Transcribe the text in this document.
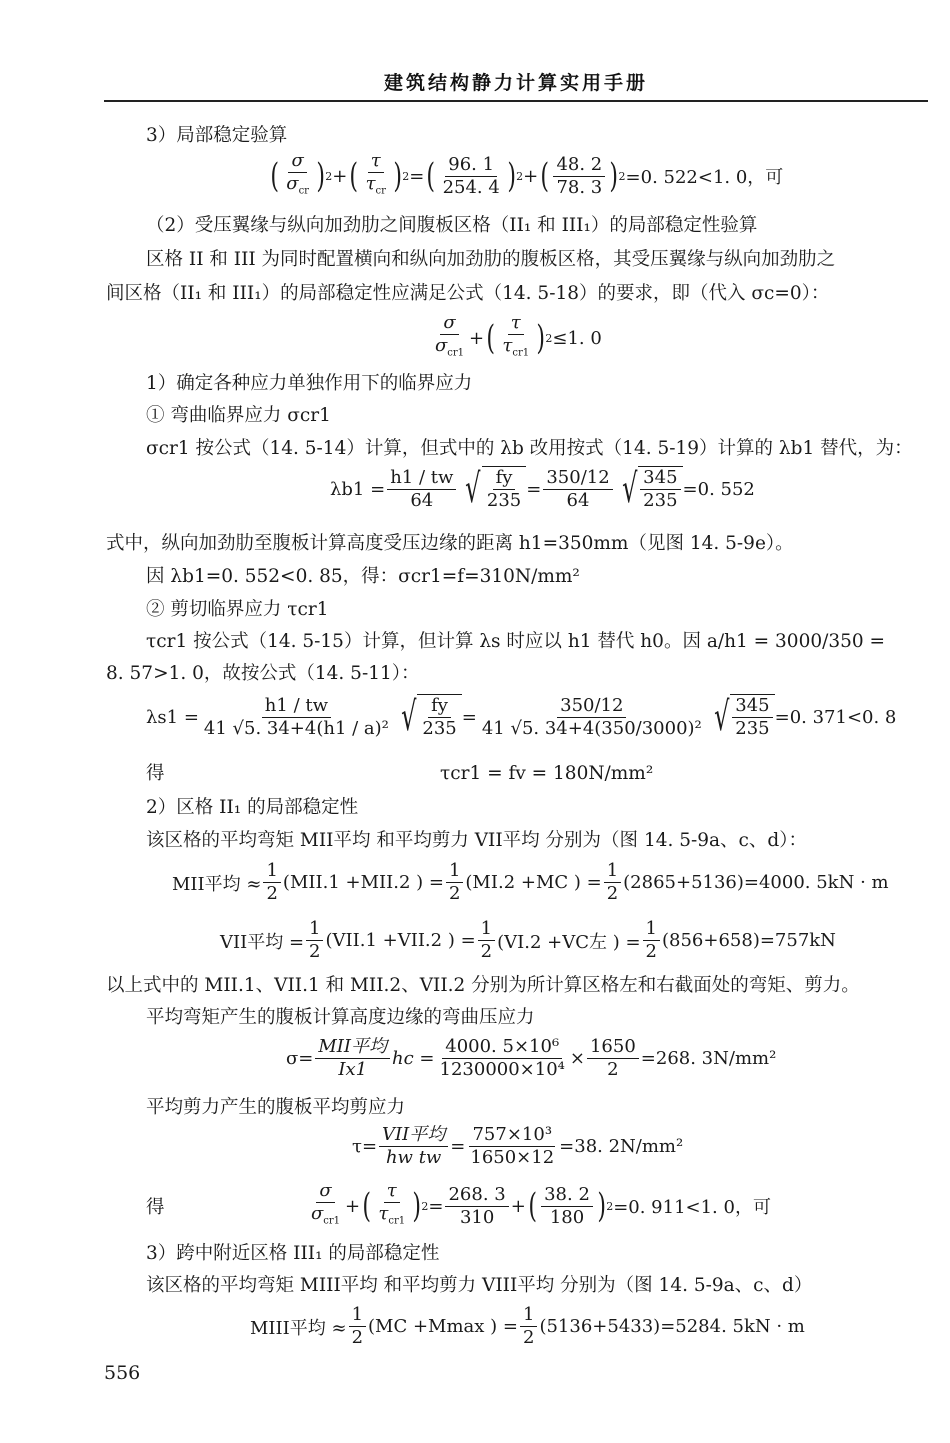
建筑结构静力计算实用手册
3）局部稳定验算
( $\frac{\sigma}{\sigma_{cr}}$ ) 2 + ( $\frac{\tau}{\tau_{cr}}$ ) 2 = ( $\frac{96. 1}{254. 4}$ ) 2 + ( $\frac{48. 2}{78. 3}$ ) 2 =0. 522<1. 0，可
（2）受压翼缘与纵向加劲肋之间腹板区格（II₁ 和 III₁）的局部稳定性验算
区格 II 和 III 为同时配置横向和纵向加劲肋的腹板区格，其受压翼缘与纵向加劲肋之
间区格（II₁ 和 III₁）的局部稳定性应满足公式（14. 5-18）的要求，即（代入 σc=0）：
$\frac{\sigma}{\sigma_{cr1}}$ + ( $\frac{\tau}{\tau_{cr1}}$ ) 2 ≤1. 0
1）确定各种应力单独作用下的临界应力
① 弯曲临界应力 σcr1
σcr1 按公式（14. 5-14）计算，但式中的 λb 改用按式（14. 5-19）计算的 λb1 替代，为：
$\lambda b1 = \frac{h1 / tw}{64}$ √ $\frac{fy}{235} = \frac{350/12}{64}$ √ $\frac{345}{235} =0$. 552
式中，纵向加劲肋至腹板计算高度受压边缘的距离 h1=350mm（见图 14. 5-9e）。
因 λb1=0. 552<0. 85，得：σcr1=f=310N/mm²
② 剪切临界应力 τcr1
τcr1 按公式（14. 5-15）计算，但计算 λs 时应以 h1 替代 h0。因 a/h1 = 3000/350 =
8. 57>1. 0，故按公式（14. 5-11）：
$\lambda s1 = \frac{h1 / tw}{\text{41 √5. 34+4(h1 / a)²}}$ √ $\frac{fy}{235} = \frac{350/12}{\text{41 √5. 34+4(350/3000)²}}$ √ $\frac{345}{235} =0$. 371<0. 8
得	τcr1 = fv = 180N/mm²
2）区格 II₁ 的局部稳定性
该区格的平均弯矩 MII平均 和平均剪力 VII平均 分别为（图 14. 5-9a、c、d）：
MII平均 ≈ $\frac{1}{2} (MII.1 +MII.2$ ) = $\frac{1}{2} (MI.2 +MC$ ) = $\frac{1}{2} (2865+5136)=4000$. 5kN · m
VII平均 = $\frac{1}{2} (VII.1 +VII.2$ ) = $\frac{1}{2} (VI.2 +VC$左 ) = $\frac{1}{2} (856+658)=757kN$
以上式中的 MII.1、VII.1 和 MII.2、VII.2 分别为所计算区格左和右截面处的弯矩、剪力。
平均弯矩产生的腹板计算高度边缘的弯曲压应力
$\sigma= \frac{\text{MII平均}}{Ix1}$ hc = $\frac{\text{4000. 5×10⁶}}{\text{1230000×10⁴}} \times \frac{1650}{2} =268$. 3N/mm²
平均剪力产生的腹板平均剪应力
$\tau= \frac{\text{VII平均}}{\text{hw tw}} = \frac{\text{757×10³}}{1650\times 12} =38$. 2N/mm²
得	$\frac{\sigma}{\sigma_{cr1}}$ + ( $\frac{\tau}{\tau_{cr1}}$ ) $2 = \frac{268. 3}{310}$ + ( $\frac{38. 2}{180}$ ) 2 =0. 911<1. 0，可
3）跨中附近区格 III₁ 的局部稳定性
该区格的平均弯矩 MIII平均 和平均剪力 VIII平均 分别为（图 14. 5-9a、c、d）
MIII平均 ≈ $\frac{1}{2} (MC +Mmax$ ) = $\frac{1}{2} (5136+5433)=5284$. 5kN · m
556
